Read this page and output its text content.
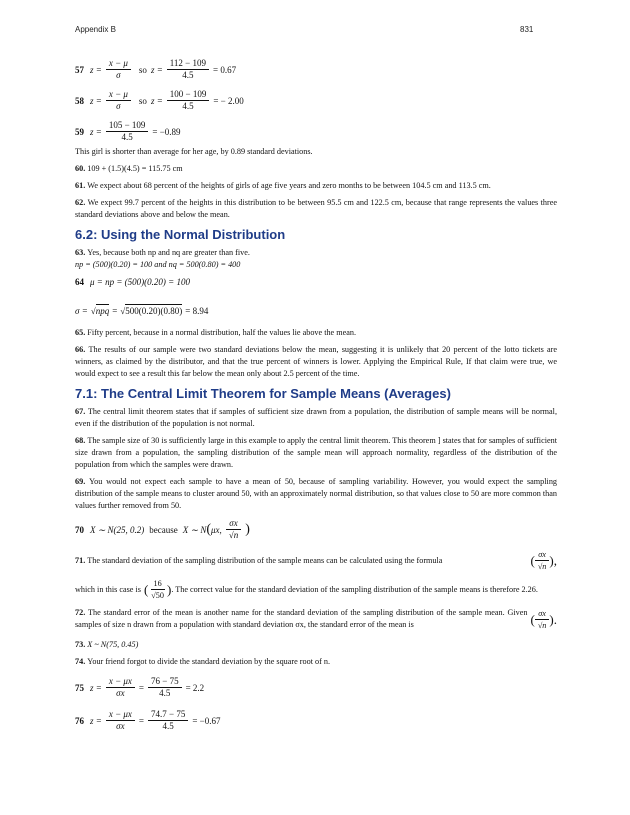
Appendix B	831
57 $z = \frac{x - \mu}{\sigma}$ so $z = \frac{112 - 109}{4.5} = 0.67$
58 $z = \frac{x - \mu}{\sigma}$ so $z = \frac{100 - 109}{4.5}$ = − 2.00
59 $z = \frac{105 - 109}{4.5} = -0.89$

This girl is shorter than average for her age, by 0.89 standard deviations.

60. 109 + (1.5)(4.5) = 115.75 cm

61. We expect about 68 percent of the heights of girls of age five years and zero months to be between 104.5 cm and 113.5 cm.

62. We expect 99.7 percent of the heights in this distribution to be between 95.5 cm and 122.5 cm, because that range represents the values three standard deviations above and below the mean.

6.2: Using the Normal Distribution

63. Yes, because both np and nq are greater than five.

np = (500)(0.20) = 100 and nq = 500(0.80) = 400

64 μ = np = (500)(0.20) = 100
σ = √ npq = √ 500(0.20)(0.80) = 8.94

65. Fifty percent, because in a normal distribution, half the values lie above the mean.

66. The results of our sample were two standard deviations below the mean, suggesting it is unlikely that 20 percent of the lotto tickets are winners, as claimed by the distributor, and that the true percent of winners is lower. Applying the Empirical Rule, If that claim were true, we would expect to see a result this far below the mean only about 2.5 percent of the time.

7.1: The Central Limit Theorem for Sample Means (Averages)

67. The central limit theorem states that if samples of sufficient size drawn from a population, the distribution of sample means will be normal, even if the distribution of the population is not normal.

68. The sample size of 30 is sufficiently large in this example to apply the central limit theorem. This theorem ] states that for samples of sufficient size drawn from a population, the sampling distribution of the sample mean will approach normality, regardless of the distribution of the population from which the samples were drawn.

69. You would not expect each sample to have a mean of 50, because of sampling variability. However, you would expect the sampling distribution of the sample means to cluster around 50, with an approximately normal distribution, so that values close to 50 are more common than values further removed from 50.

70 X ∼ N(25, 0.2) because X ∼ N ( μx, $\frac{\sigma x}{√n}$ )
71. The standard deviation of the sampling distribution of the sample means can be calculated using the formula	( $\frac{\sigma x}{√n}$ ),
which in this case is ( $\frac{16}{√50}$ ) . The correct value for the standard deviation of the sampling distribution of the sample means is therefore 2.26.
72. The standard error of the mean is another name for the standard deviation of the sampling distribution of the sample mean. Given samples of size n drawn from a population with standard deviation σx, the standard error of the mean is	( $\frac{\sigma x}{√n}$ ).

73. X ~ N(75, 0.45)

74. Your friend forgot to divide the standard deviation by the square root of n.

75 $z = \frac{x - \mu x}{\sigma x} = \frac{76 - 75}{4.5} = 2.2$
76 $z = \frac{x - \mu x}{\sigma x} = \frac{74.7 - 75}{4.5} = -0.67$
